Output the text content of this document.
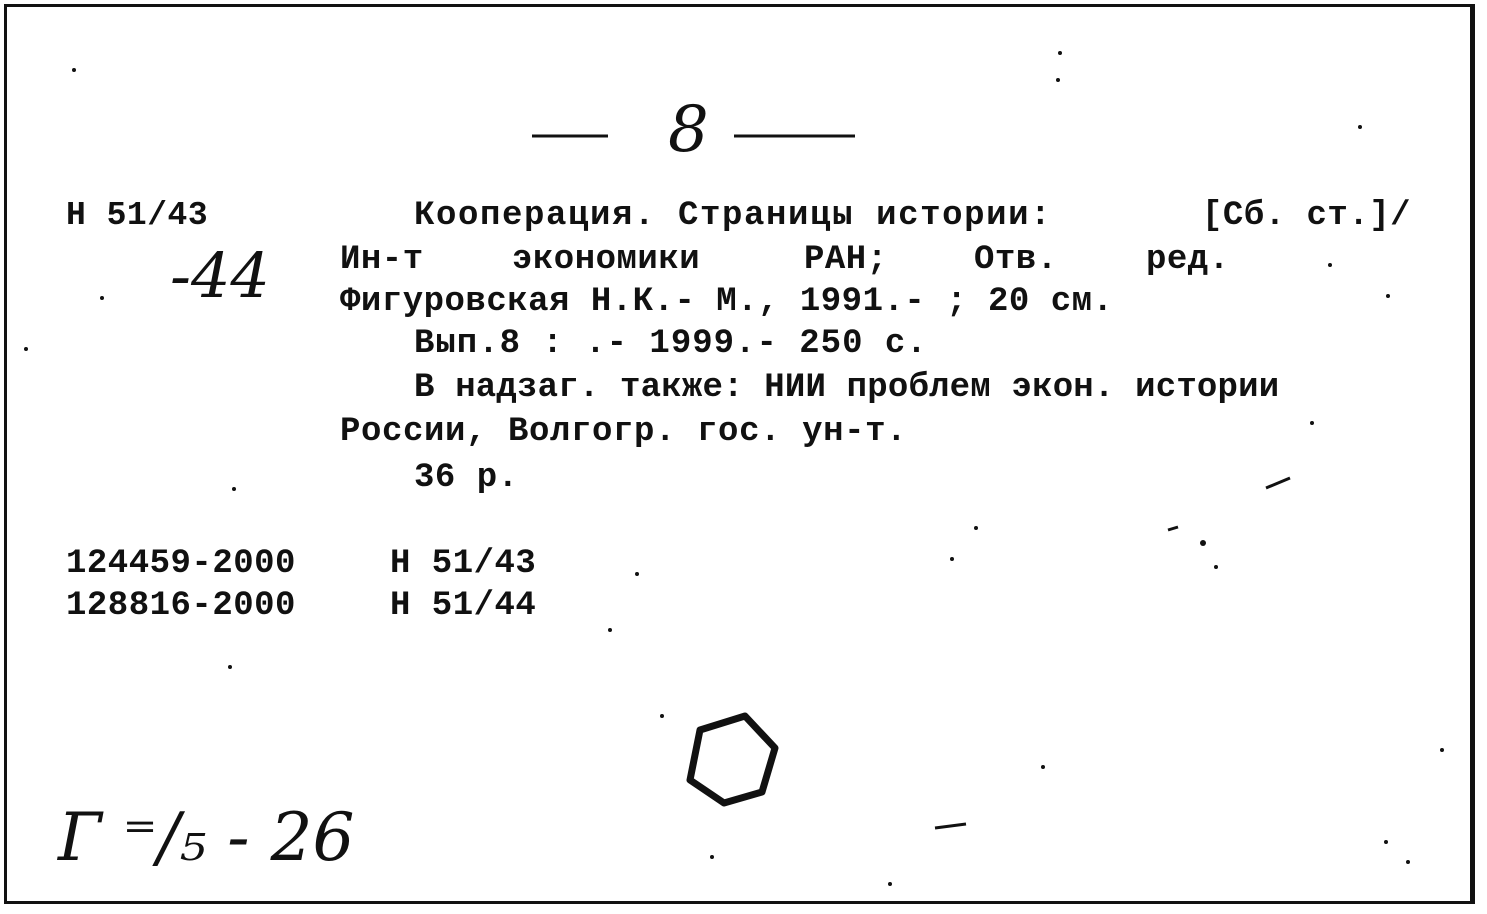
8
Н 51/43
-44
Кооперация. Страницы истории:	[Сб. ст.]/
Ин-т	экономики	РАН;	Отв.	ред.
Фигуровская Н.К.- М., 1991.- ; 20 см.
Вып.8 : .- 1999.- 250 с.
В надзаг. также: НИИ проблем экон. истории
России, Волгогр. гос. ун-т.
36 р.
124459-2000	Н 51/43
128816-2000	Н 51/44
Г ⁼/₅ - 26
